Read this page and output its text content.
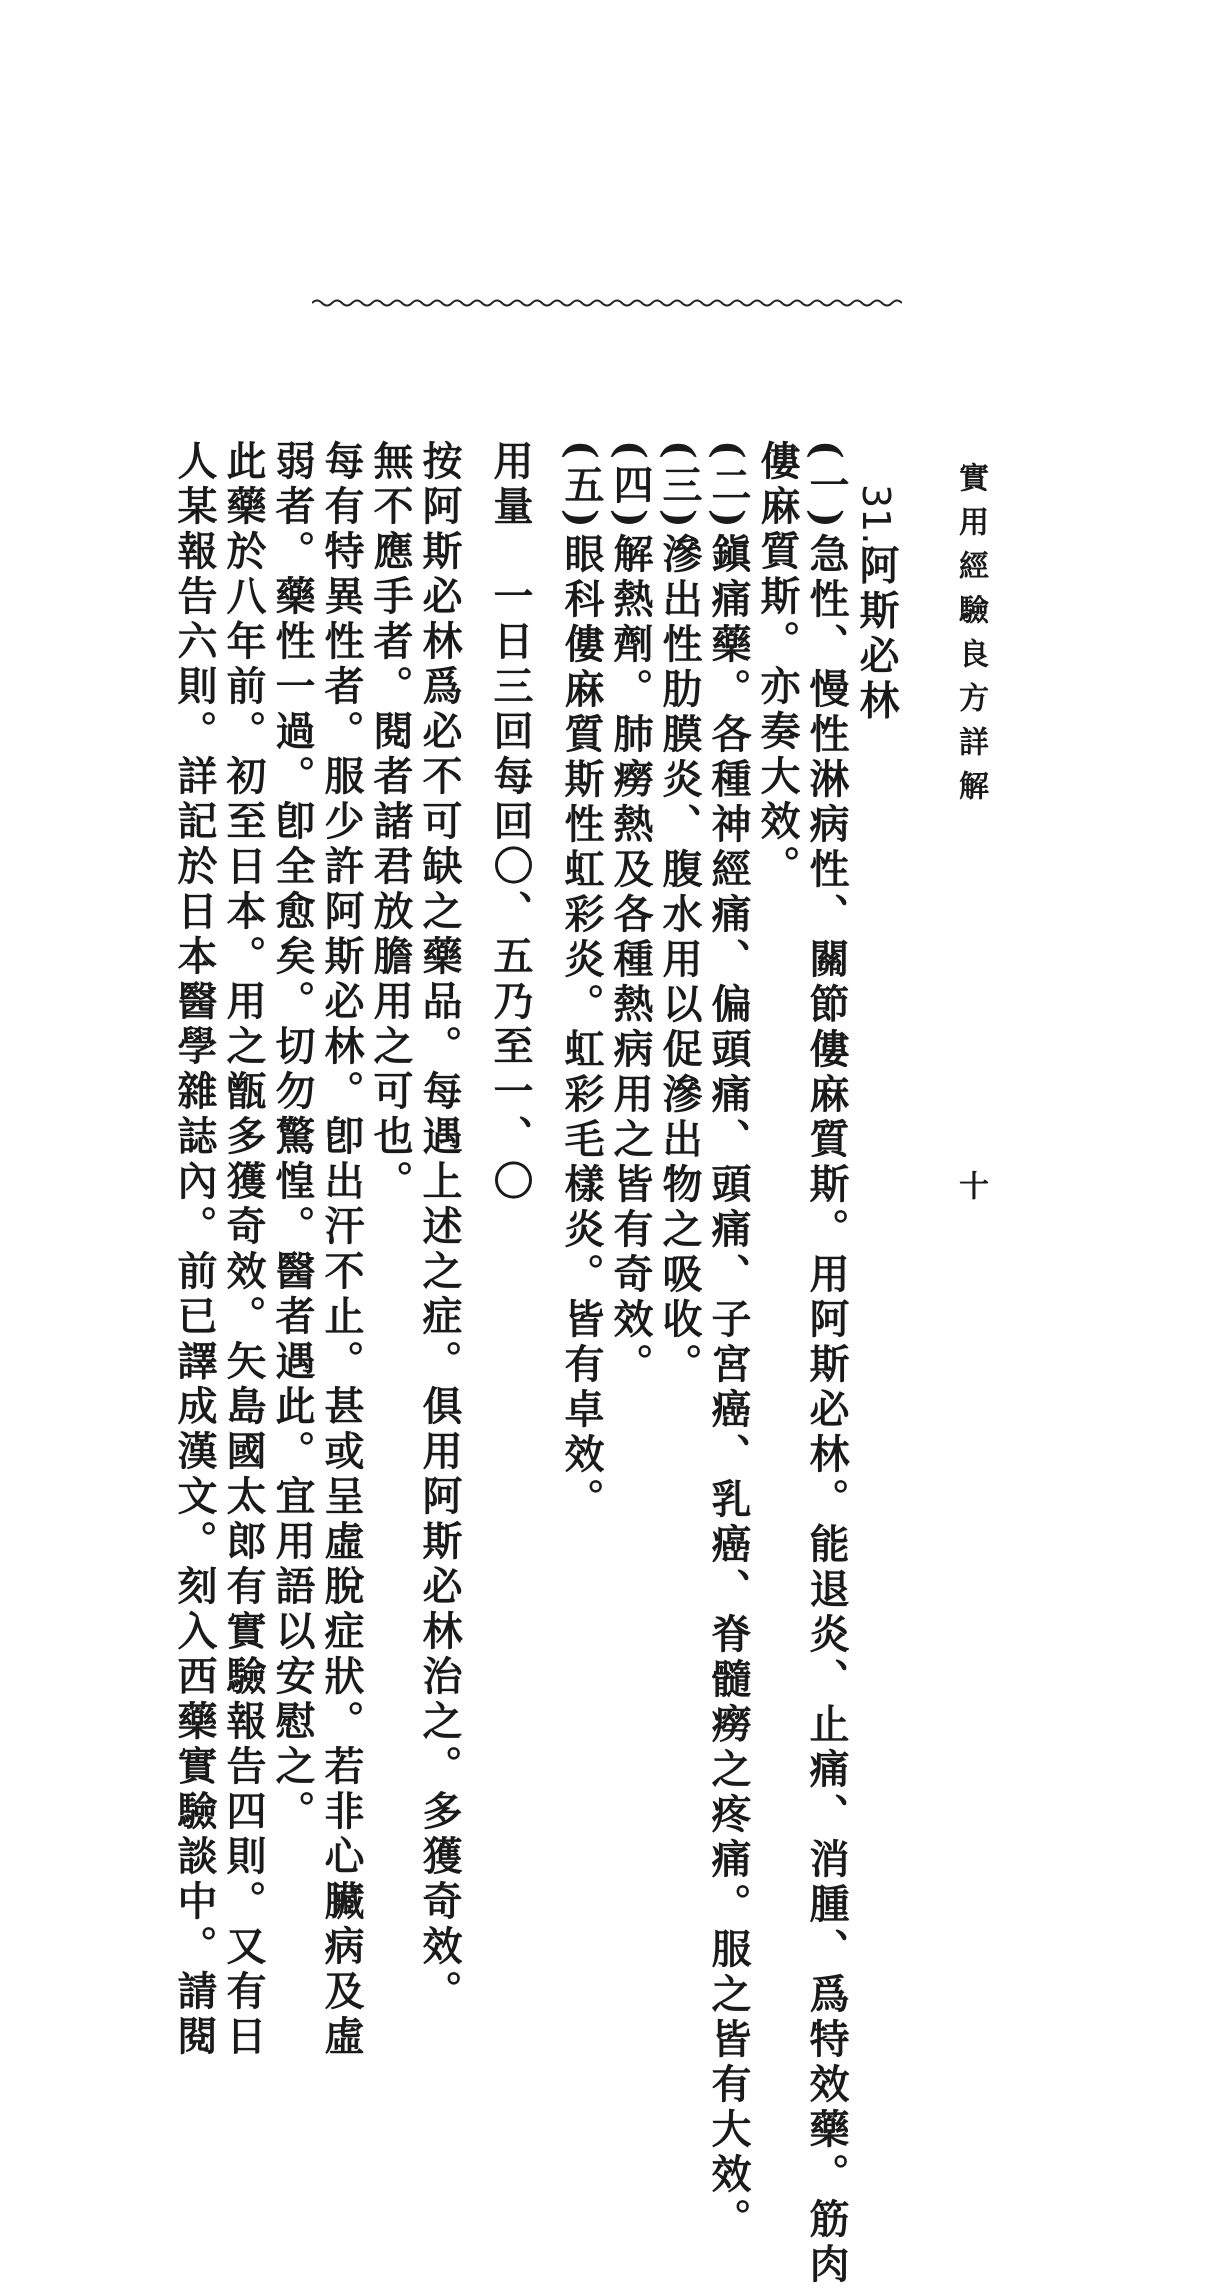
實用經驗良方詳解
十
31.阿斯必林
(一)急性、慢性淋病性、關節僂麻質斯。用阿斯必林。能退炎、止痛、消腫、爲特效藥。筋肉
僂麻質斯。亦奏大效。
(二)鎭痛藥。各種神經痛、偏頭痛、頭痛、子宮癌、乳癌、脊髓癆之疼痛。服之皆有大效。
(三)滲出性肋膜炎、腹水用以促滲出物之吸收。
(四)解熱劑。肺癆熱及各種熱病用之皆有奇效。
(五)眼科僂麻質斯性虹彩炎。虹彩毛樣炎。皆有卓效。
用量　一日三回每回〇、五乃至一、〇
按阿斯必林爲必不可缺之藥品。每遇上述之症。俱用阿斯必林治之。多獲奇效。
無不應手者。閱者諸君放膽用之可也。
每有特異性者。服少許阿斯必林。卽出汗不止。甚或呈虛脫症狀。若非心臟病及虛
弱者。藥性一過。卽全愈矣。切勿驚惶。醫者遇此。宜用語以安慰之。
此藥於八年前。初至日本。用之甑多獲奇效。矢島國太郎有實驗報告四則。又有日
人某報告六則。詳記於日本醫學雜誌內。前已譯成漢文。刻入西藥實驗談中。請閱
